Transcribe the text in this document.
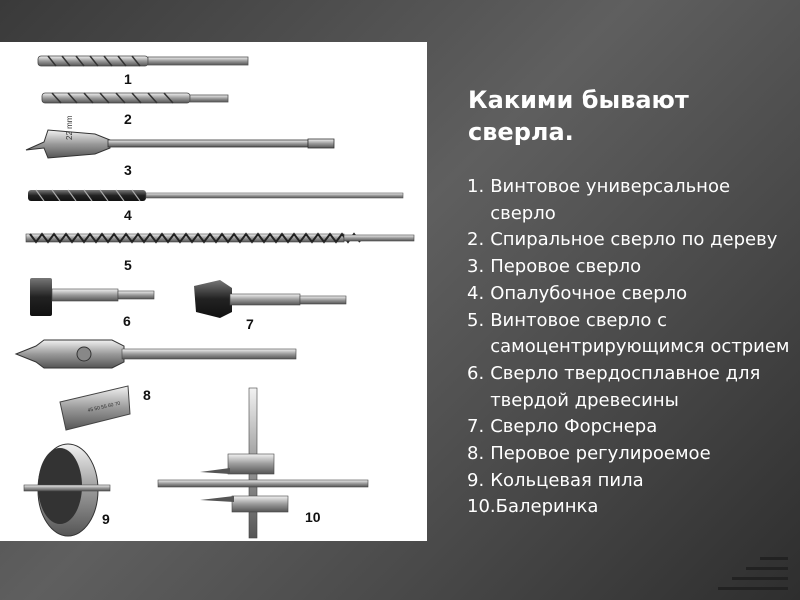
1
2
22 mm
3
4
5
6	7
45 50 55 60 70
8
9	10
Какими бывают
сверла.
1. Винтовое универсальное сверло
2. Спиральное сверло по дереву
3. Перовое сверло
4. Опалубочное сверло
5. Винтовое сверло с самоцентрирующимся острием
6. Сверло твердосплавное для твердой древесины
7. Сверло Форснера
8. Перовое регулироемое
9. Кольцевая пила
10. Балеринка
